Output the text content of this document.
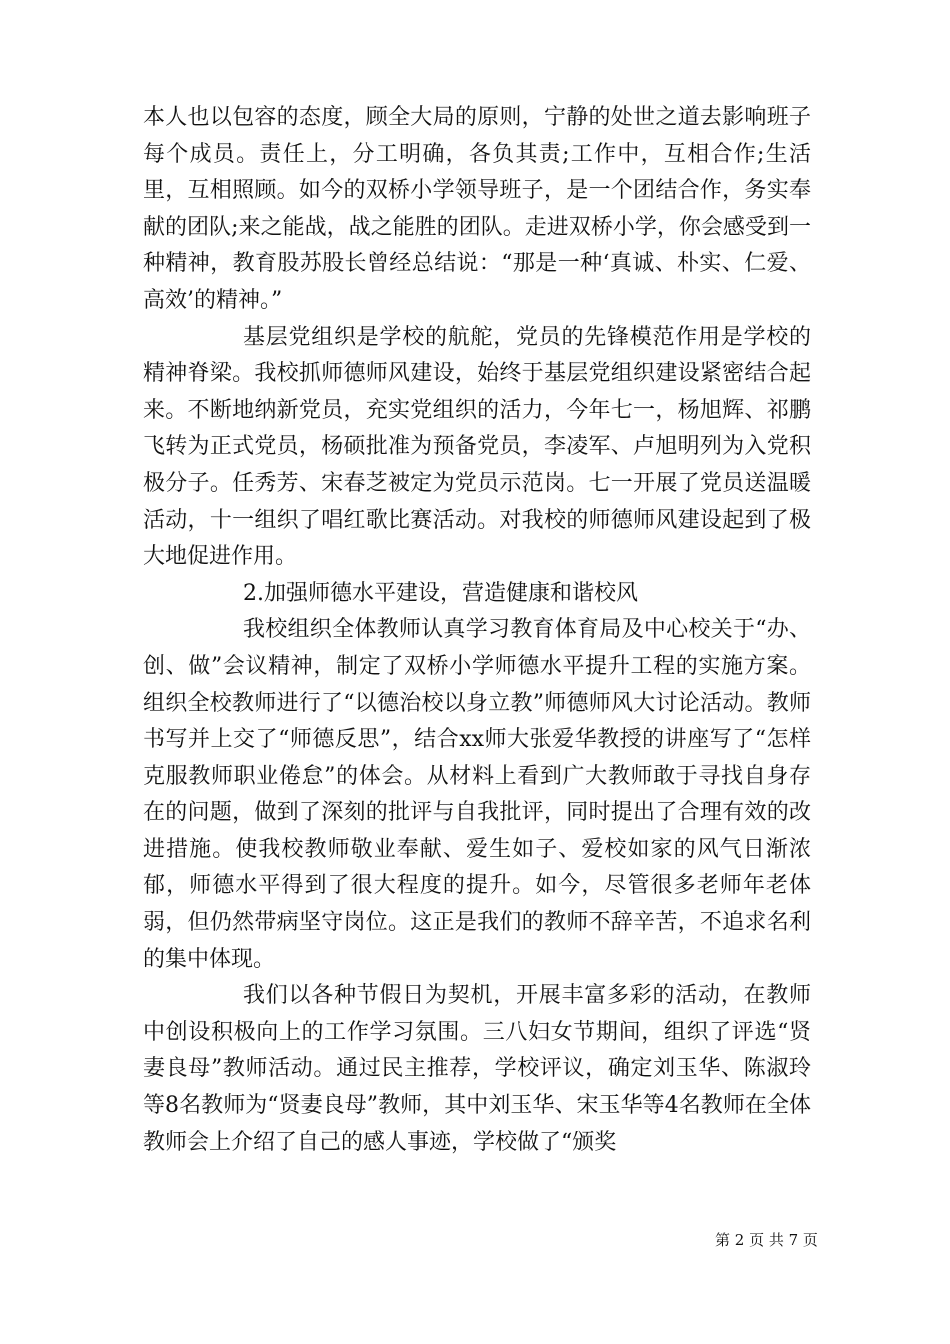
本人也以包容的态度，顾全大局的原则，宁静的处世之道去影响班子每个成员。责任上，分工明确，各负其责;工作中，互相合作;生活里，互相照顾。如今的双桥小学领导班子，是一个团结合作，务实奉献的团队;来之能战，战之能胜的团队。走进双桥小学，你会感受到一种精神，教育股苏股长曾经总结说：“那是一种‘真诚、朴实、仁爱、高效’的精神。”

基层党组织是学校的航舵，党员的先锋模范作用是学校的精神脊梁。我校抓师德师风建设，始终于基层党组织建设紧密结合起来。不断地纳新党员，充实党组织的活力，今年七一，杨旭辉、祁鹏飞转为正式党员，杨硕批准为预备党员，李凌军、卢旭明列为入党积极分子。任秀芳、宋春芝被定为党员示范岗。七一开展了党员送温暖活动，十一组织了唱红歌比赛活动。对我校的师德师风建设起到了极大地促进作用。

2.加强师德水平建设，营造健康和谐校风

我校组织全体教师认真学习教育体育局及中心校关于“办、创、做”会议精神，制定了双桥小学师德水平提升工程的实施方案。组织全校教师进行了“以德治校以身立教”师德师风大讨论活动。教师书写并上交了“师德反思”，结合xx师大张爱华教授的讲座写了“怎样克服教师职业倦怠”的体会。从材料上看到广大教师敢于寻找自身存在的问题，做到了深刻的批评与自我批评，同时提出了合理有效的改进措施。使我校教师敬业奉献、爱生如子、爱校如家的风气日渐浓郁，师德水平得到了很大程度的提升。如今，尽管很多老师年老体弱，但仍然带病坚守岗位。这正是我们的教师不辞辛苦，不追求名利的集中体现。

我们以各种节假日为契机，开展丰富多彩的活动，在教师中创设积极向上的工作学习氛围。三八妇女节期间，组织了评选“贤妻良母”教师活动。通过民主推荐，学校评议，确定刘玉华、陈淑玲等8名教师为“贤妻良母”教师，其中刘玉华、宋玉华等4名教师在全体教师会上介绍了自己的感人事迹，学校做了“颁奖

第 2 页 共 7 页
